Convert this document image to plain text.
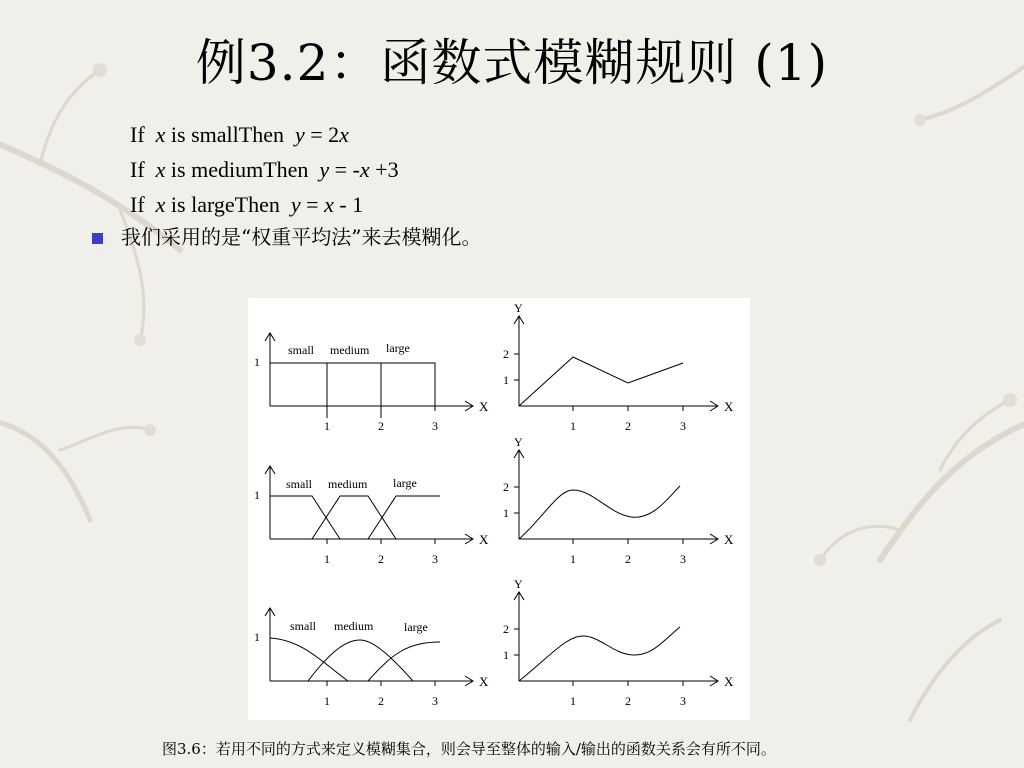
例3.2：函数式模糊规则 (1)
If x is smallThen y = 2x
If x is mediumThen y = -x +3
If x is largeThen y = x - 1
我们采用的是“权重平均法”来去模糊化。
X
1
X
1
X
1
small medium large
1	2	3
small medium large
1	2	3
small medium	large
1	2	3
X
Y
1
2
1	2	3
X
Y
1
2
1	2	3
X
Y
1
2
1	2	3
图3.6：若用不同的方式来定义模糊集合，则会导至整体的输入/输出的函数关系会有所不同。
